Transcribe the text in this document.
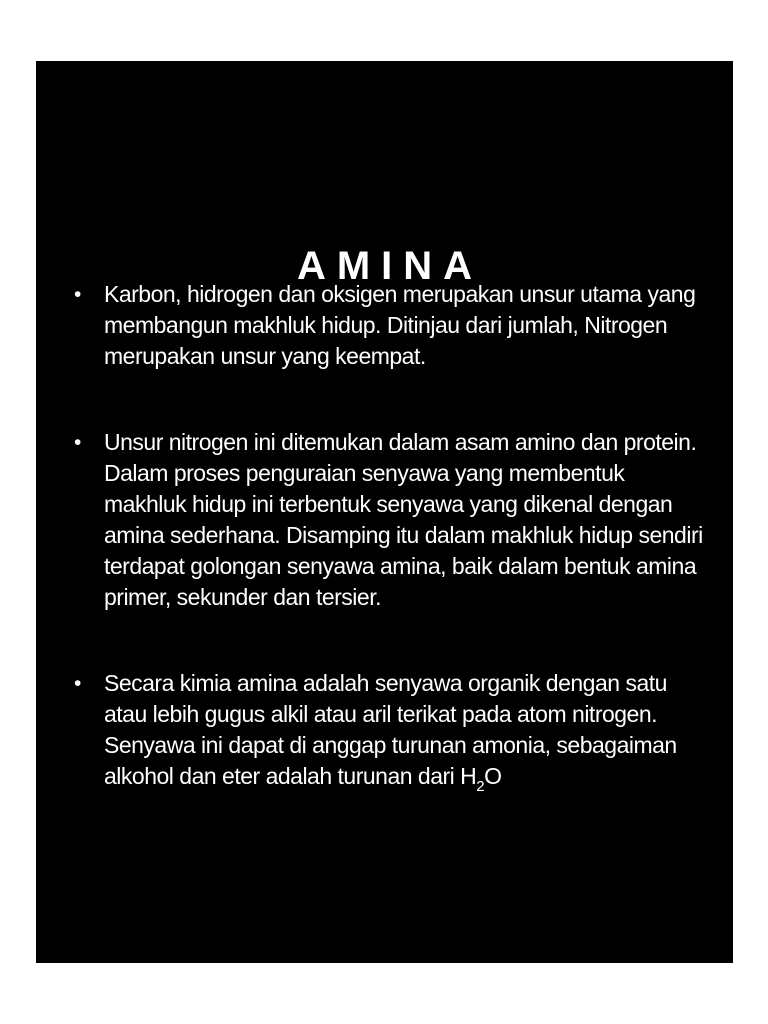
AMINA
• Karbon, hidrogen dan oksigen merupakan unsur utama yang membangun makhluk hidup. Ditinjau dari jumlah, Nitrogen merupakan unsur yang keempat.
• Unsur nitrogen ini ditemukan dalam asam amino dan protein. Dalam proses penguraian senyawa yang membentuk makhluk hidup ini terbentuk senyawa yang dikenal dengan amina sederhana. Disamping itu dalam makhluk hidup sendiri terdapat golongan senyawa amina, baik dalam bentuk amina primer, sekunder dan tersier.
• Secara kimia amina adalah senyawa organik dengan satu atau lebih gugus alkil atau aril terikat pada atom nitrogen. Senyawa ini dapat di anggap turunan amonia, sebagaiman alkohol dan eter adalah turunan dari $H_2O$
